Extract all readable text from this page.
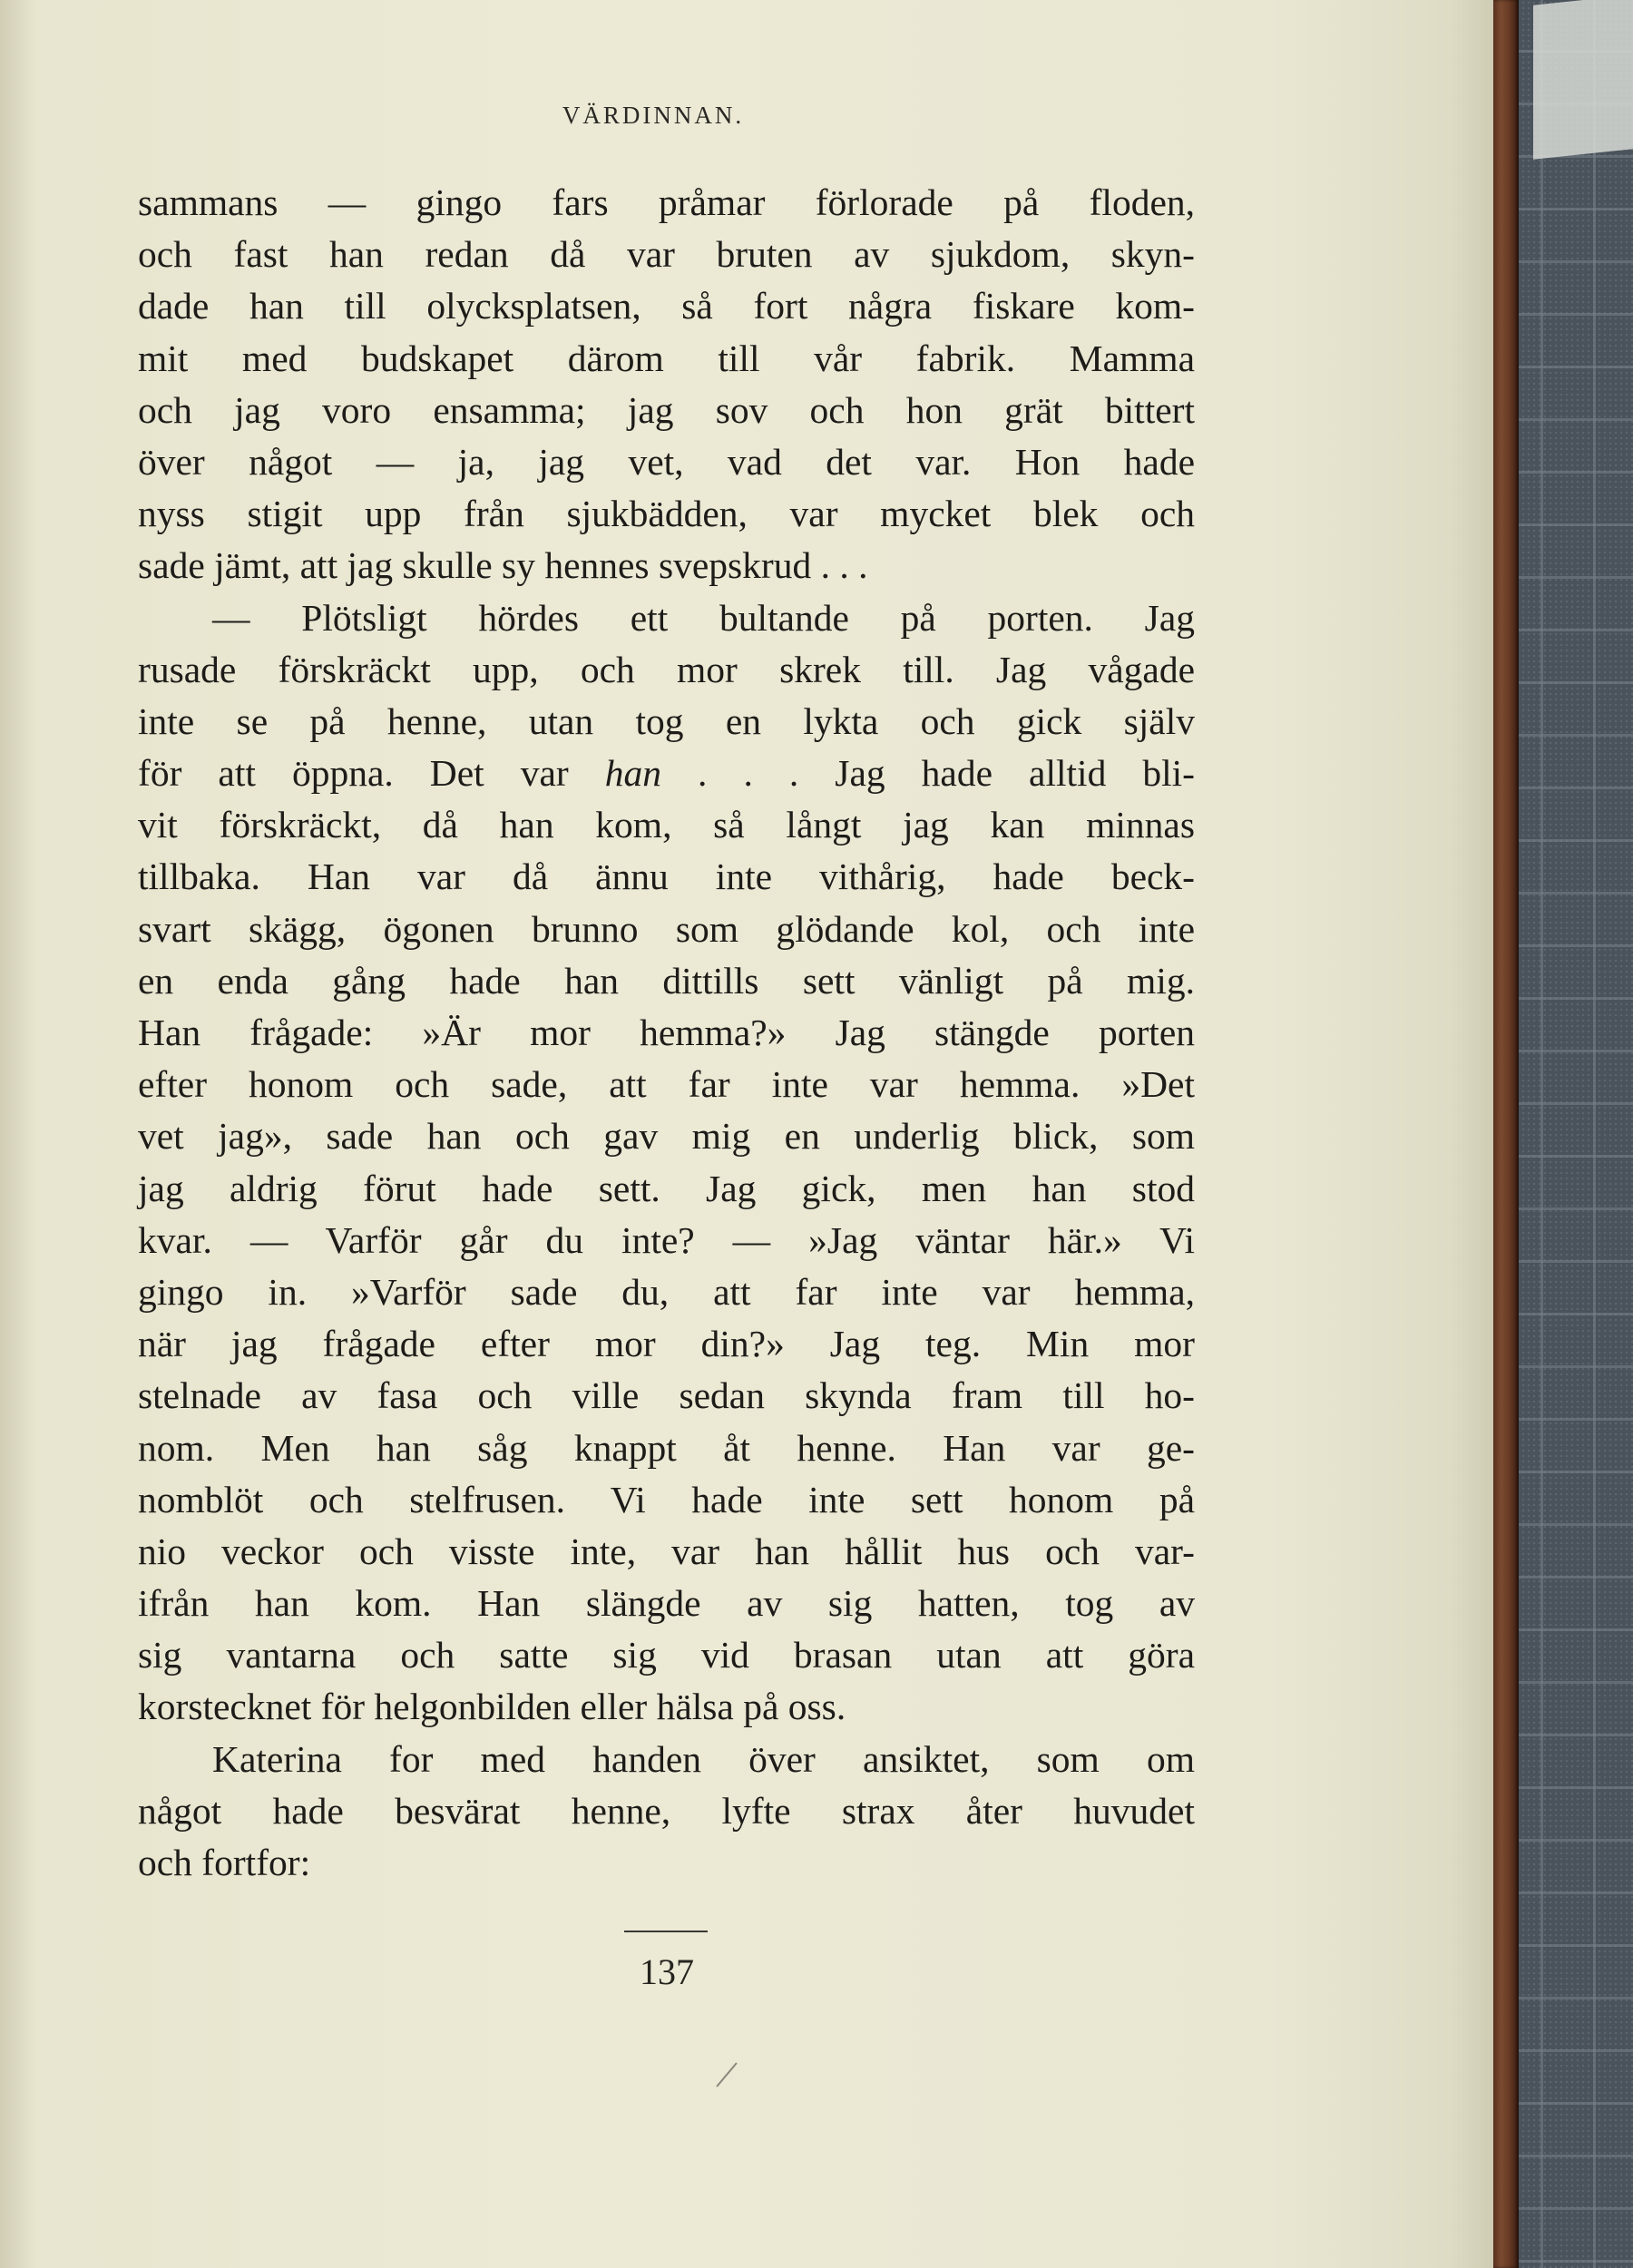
VÄRDINNAN.
sammans — gingo fars pråmar förlorade på floden,
och fast han redan då var bruten av sjukdom, skyn-
dade han till olycksplatsen, så fort några fiskare kom-
mit med budskapet därom till vår fabrik. Mamma
och jag voro ensamma; jag sov och hon grät bittert
över något — ja, jag vet, vad det var. Hon hade
nyss stigit upp från sjukbädden, var mycket blek och
sade jämt, att jag skulle sy hennes svepskrud . . .
— Plötsligt hördes ett bultande på porten. Jag
rusade förskräckt upp, och mor skrek till. Jag vågade
inte se på henne, utan tog en lykta och gick själv
för att öppna. Det var han . . . Jag hade alltid bli-
vit förskräckt, då han kom, så långt jag kan minnas
tillbaka. Han var då ännu inte vithårig, hade beck-
svart skägg, ögonen brunno som glödande kol, och inte
en enda gång hade han dittills sett vänligt på mig.
Han frågade: »Är mor hemma?» Jag stängde porten
efter honom och sade, att far inte var hemma. »Det
vet jag», sade han och gav mig en underlig blick, som
jag aldrig förut hade sett. Jag gick, men han stod
kvar. — Varför går du inte? — »Jag väntar här.» Vi
gingo in. »Varför sade du, att far inte var hemma,
när jag frågade efter mor din?» Jag teg. Min mor
stelnade av fasa och ville sedan skynda fram till ho-
nom. Men han såg knappt åt henne. Han var ge-
nomblöt och stelfrusen. Vi hade inte sett honom på
nio veckor och visste inte, var han hållit hus och var-
ifrån han kom. Han slängde av sig hatten, tog av
sig vantarna och satte sig vid brasan utan att göra
korstecknet för helgonbilden eller hälsa på oss.
Katerina for med handen över ansiktet, som om
något hade besvärat henne, lyfte strax åter huvudet
och fortfor:
137
